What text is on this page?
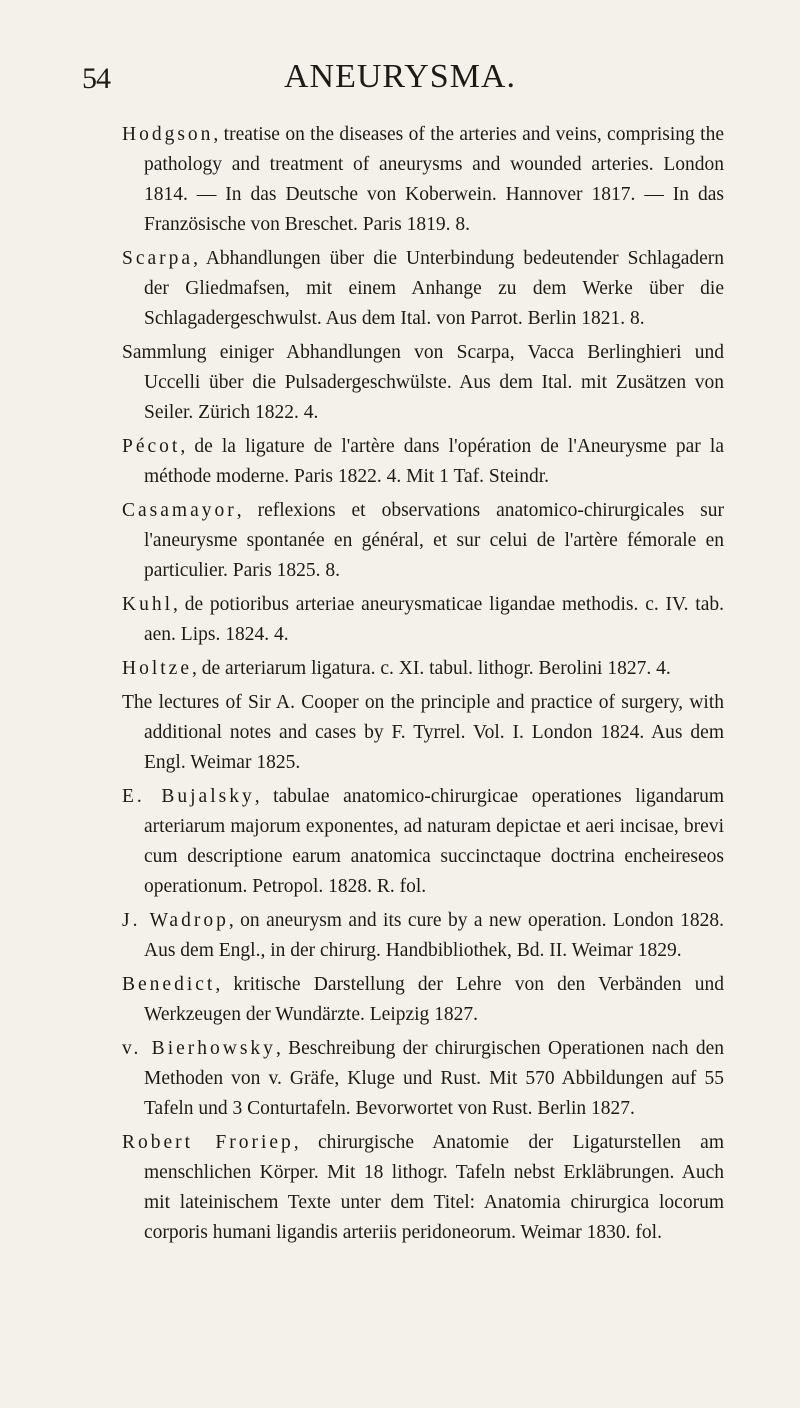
54	ANEURYSMA.
Hodgson, treatise on the diseases of the arteries and veins, comprising the pathology and treatment of aneurysms and wounded arteries. London 1814. — In das Deutsche von Koberwein. Hannover 1817. — In das Französische von Breschet. Paris 1819. 8.
Scarpa, Abhandlungen über die Unterbindung bedeutender Schlagadern der Gliedmafsen, mit einem Anhange zu dem Werke über die Schlagadergeschwulst. Aus dem Ital. von Parrot. Berlin 1821. 8.
Sammlung einiger Abhandlungen von Scarpa, Vacca Berlinghieri und Uccelli über die Pulsadergeschwülste. Aus dem Ital. mit Zusätzen von Seiler. Zürich 1822. 4.
Pécot, de la ligature de l'artère dans l'opération de l'Aneurysme par la méthode moderne. Paris 1822. 4. Mit 1 Taf. Steindr.
Casamayor, reflexions et observations anatomico-chirurgicales sur l'aneurysme spontanée en général, et sur celui de l'artère fémorale en particulier. Paris 1825. 8.
Kuhl, de potioribus arteriae aneurysmaticae ligandae methodis. c. IV. tab. aen. Lips. 1824. 4.
Holtze, de arteriarum ligatura. c. XI. tabul. lithogr. Berolini 1827. 4.
The lectures of Sir A. Cooper on the principle and practice of surgery, with additional notes and cases by F. Tyrrel. Vol. I. London 1824. Aus dem Engl. Weimar 1825.
E. Bujalsky, tabulae anatomico-chirurgicae operationes ligandarum arteriarum majorum exponentes, ad naturam depictae et aeri incisae, brevi cum descriptione earum anatomica succinctaque doctrina encheireseos operationum. Petropol. 1828. R. fol.
J. Wadrop, on aneurysm and its cure by a new operation. London 1828. Aus dem Engl., in der chirurg. Handbibliothek, Bd. II. Weimar 1829.
Benedict, kritische Darstellung der Lehre von den Verbänden und Werkzeugen der Wundärzte. Leipzig 1827.
v. Bierhowsky, Beschreibung der chirurgischen Operationen nach den Methoden von v. Gräfe, Kluge und Rust. Mit 570 Abbildungen auf 55 Tafeln und 3 Conturtafeln. Bevorwortet von Rust. Berlin 1827.
Robert Froriep, chirurgische Anatomie der Ligaturstellen am menschlichen Körper. Mit 18 lithogr. Tafeln nebst Erkläbrungen. Auch mit lateinischem Texte unter dem Titel: Anatomia chirurgica locorum corporis humani ligandis arteriis peridoneorum. Weimar 1830. fol.
